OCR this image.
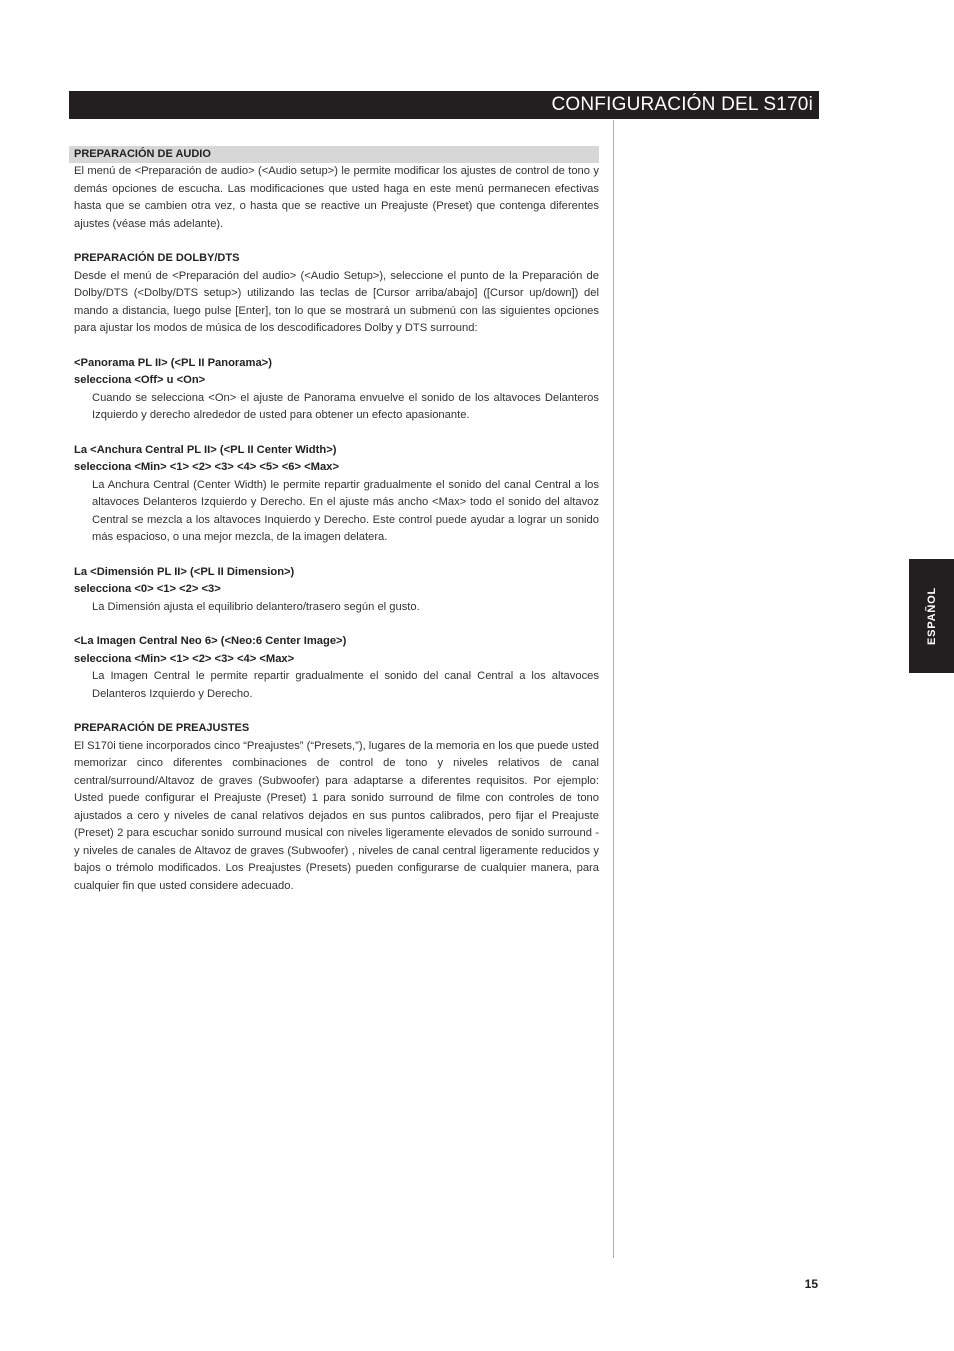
CONFIGURACIÓN DEL S170i
PREPARACIÓN DE AUDIO

El menú de <Preparación de audio> (<Audio setup>) le permite modificar los ajustes de control de tono y demás opciones de escucha. Las modificaciones que usted haga en este menú permanecen efectivas hasta que se cambien otra vez, o hasta que se reactive un Preajuste (Preset) que contenga diferentes ajustes (véase más adelante).

PREPARACIÓN DE DOLBY/DTS

Desde el menú de <Preparación del audio> (<Audio Setup>), seleccione el punto de la Preparación de Dolby/DTS (<Dolby/DTS setup>) utilizando las teclas de [Cursor arriba/abajo] ([Cursor up/down]) del mando a distancia, luego pulse [Enter], ton lo que se mostrará un submenú con las siguientes opciones para ajustar los modos de música de los descodificadores Dolby y DTS surround:

<Panorama PL II> (<PL II Panorama>)
selecciona <Off> u <On>
Cuando se selecciona <On> el ajuste de Panorama envuelve el sonido de los altavoces Delanteros Izquierdo y derecho alrededor de usted para obtener un efecto apasionante.
La <Anchura Central PL II> (<PL II Center Width>)
selecciona <Min> <1> <2> <3> <4> <5> <6> <Max>
La Anchura Central (Center Width) le permite repartir gradualmente el sonido del canal Central a los altavoces Delanteros Izquierdo y Derecho. En el ajuste más ancho <Max> todo el sonido del altavoz Central se mezcla a los altavoces Inquierdo y Derecho. Este control puede ayudar a lograr un sonido más espacioso, o una mejor mezcla, de la imagen delatera.
La <Dimensión PL II> (<PL II Dimension>)
selecciona <0> <1> <2> <3>
La Dimensión ajusta el equilibrio delantero/trasero según el gusto.
<La Imagen Central Neo 6> (<Neo:6 Center Image>)
selecciona <Min> <1> <2> <3> <4> <Max>
La Imagen Central le permite repartir gradualmente el sonido del canal Central a los altavoces Delanteros Izquierdo y Derecho.
PREPARACIÓN DE PREAJUSTES

El S170i tiene incorporados cinco “Preajustes” (“Presets,”), lugares de la memoria en los que puede usted memorizar cinco diferentes combinaciones de control de tono y niveles relativos de canal central/surround/Altavoz de graves (Subwoofer) para adaptarse a diferentes requisitos. Por ejemplo: Usted puede configurar el Preajuste (Preset) 1 para sonido surround de filme con controles de tono ajustados a cero y niveles de canal relativos dejados en sus puntos calibrados, pero fijar el Preajuste (Preset) 2 para escuchar sonido surround musical con niveles ligeramente elevados de sonido surround - y niveles de canales de Altavoz de graves (Subwoofer) , niveles de canal central ligeramente reducidos y bajos o trémolo modificados. Los Preajustes (Presets) pueden configurarse de cualquier manera, para cualquier fin que usted considere adecuado.

ESPAÑOL
15
